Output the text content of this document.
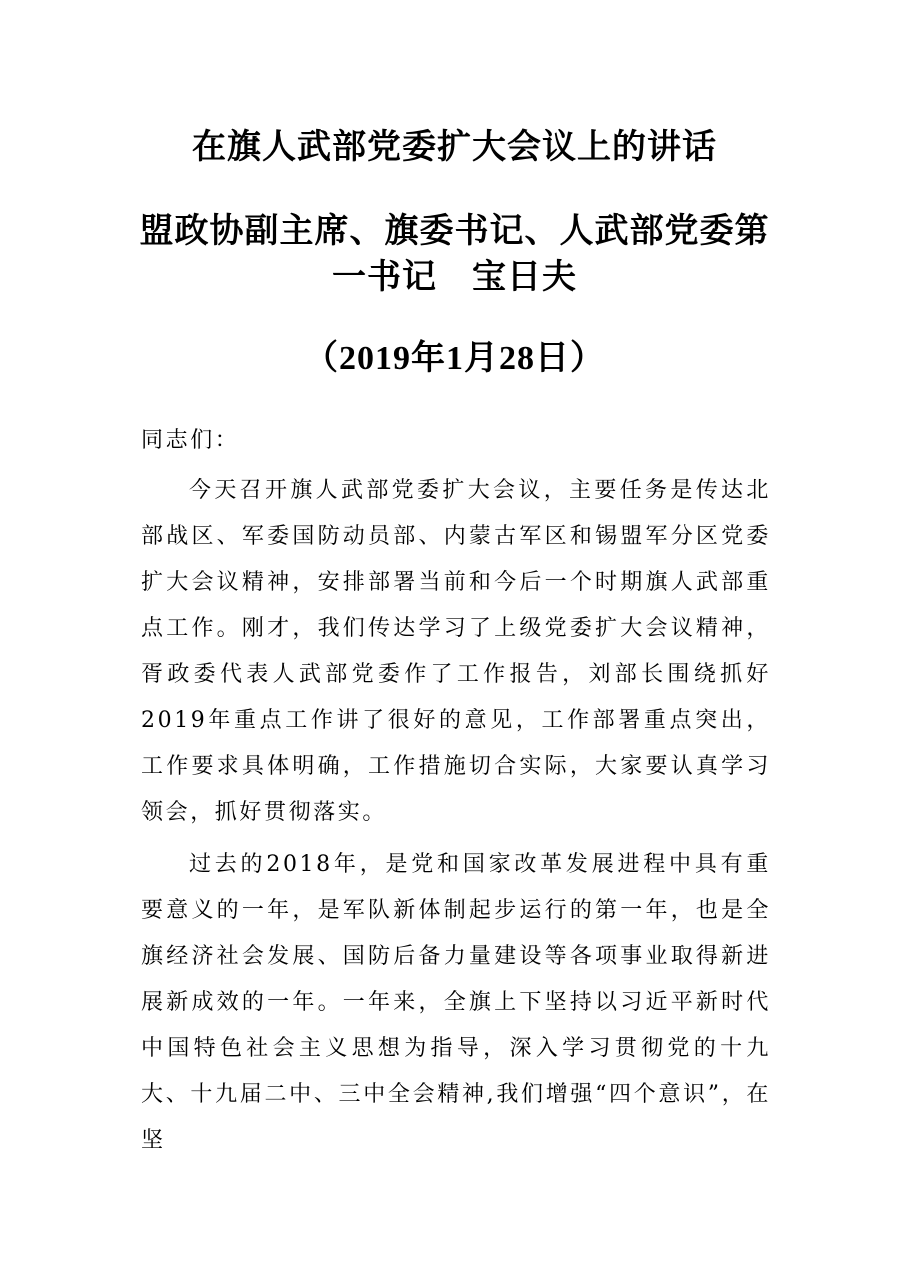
在旗人武部党委扩大会议上的讲话
盟政协副主席、旗委书记、人武部党委第
一书记　宝日夫
（2019年1月28日）

同志们：

今天召开旗人武部党委扩大会议，主要任务是传达北部战区、军委国防动员部、内蒙古军区和锡盟军分区党委扩大会议精神，安排部署当前和今后一个时期旗人武部重点工作。刚才，我们传达学习了上级党委扩大会议精神，胥政委代表人武部党委作了工作报告，刘部长围绕抓好2019年重点工作讲了很好的意见，工作部署重点突出，工作要求具体明确，工作措施切合实际，大家要认真学习领会，抓好贯彻落实。

过去的2018年，是党和国家改革发展进程中具有重要意义的一年，是军队新体制起步运行的第一年，也是全旗经济社会发展、国防后备力量建设等各项事业取得新进展新成效的一年。一年来，全旗上下坚持以习近平新时代中国特色社会主义思想为指导，深入学习贯彻党的十九大、十九届二中、三中全会精神,我们增强“四个意识”，在坚
